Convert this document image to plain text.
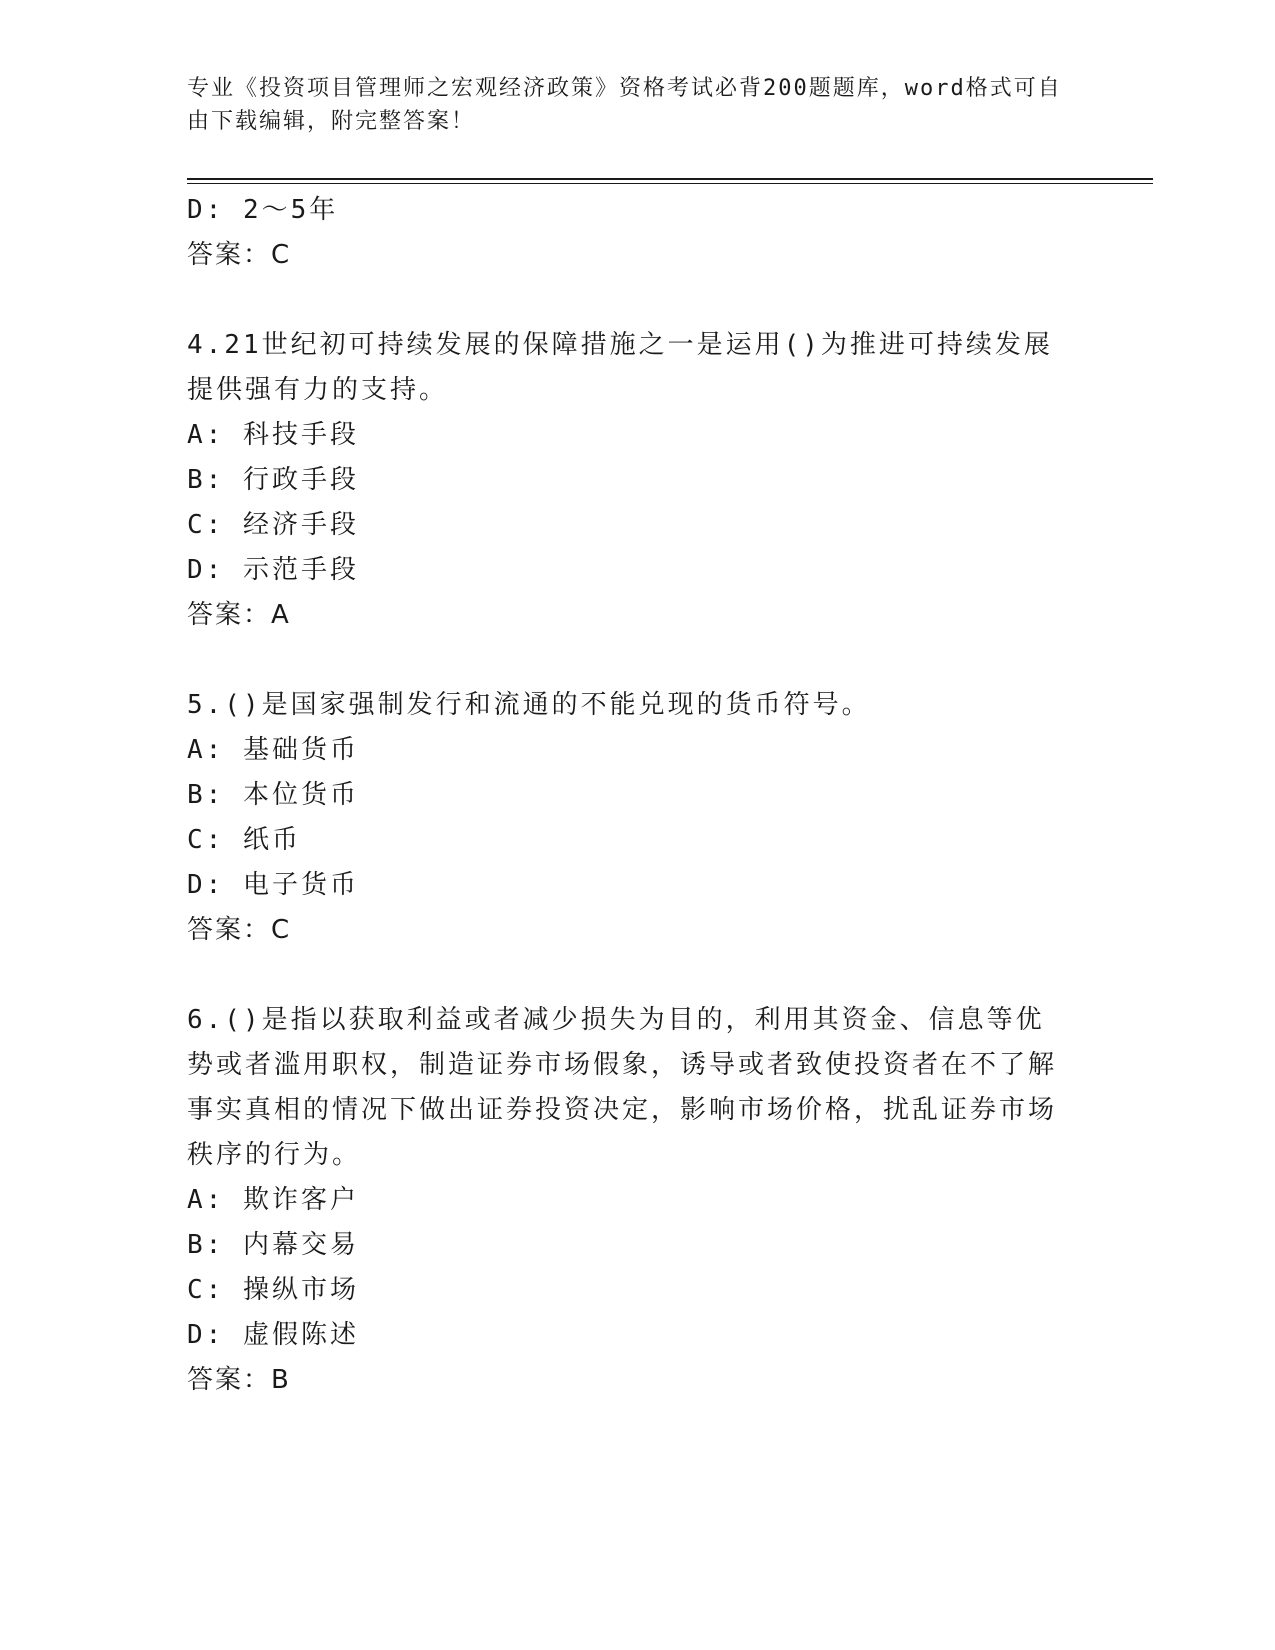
专业《投资项目管理师之宏观经济政策》资格考试必背200题题库，word格式可自由下载编辑，附完整答案！
D: 2～5年
答案：C
4.21世纪初可持续发展的保障措施之一是运用()为推进可持续发展提供强有力的支持。
A: 科技手段
B: 行政手段
C: 经济手段
D: 示范手段
答案：A
5.()是国家强制发行和流通的不能兑现的货币符号。
A: 基础货币
B: 本位货币
C: 纸币
D: 电子货币
答案：C
6.()是指以获取利益或者减少损失为目的，利用其资金、信息等优势或者滥用职权，制造证券市场假象，诱导或者致使投资者在不了解事实真相的情况下做出证券投资决定，影响市场价格，扰乱证券市场秩序的行为。
A: 欺诈客户
B: 内幕交易
C: 操纵市场
D: 虚假陈述
答案：B
